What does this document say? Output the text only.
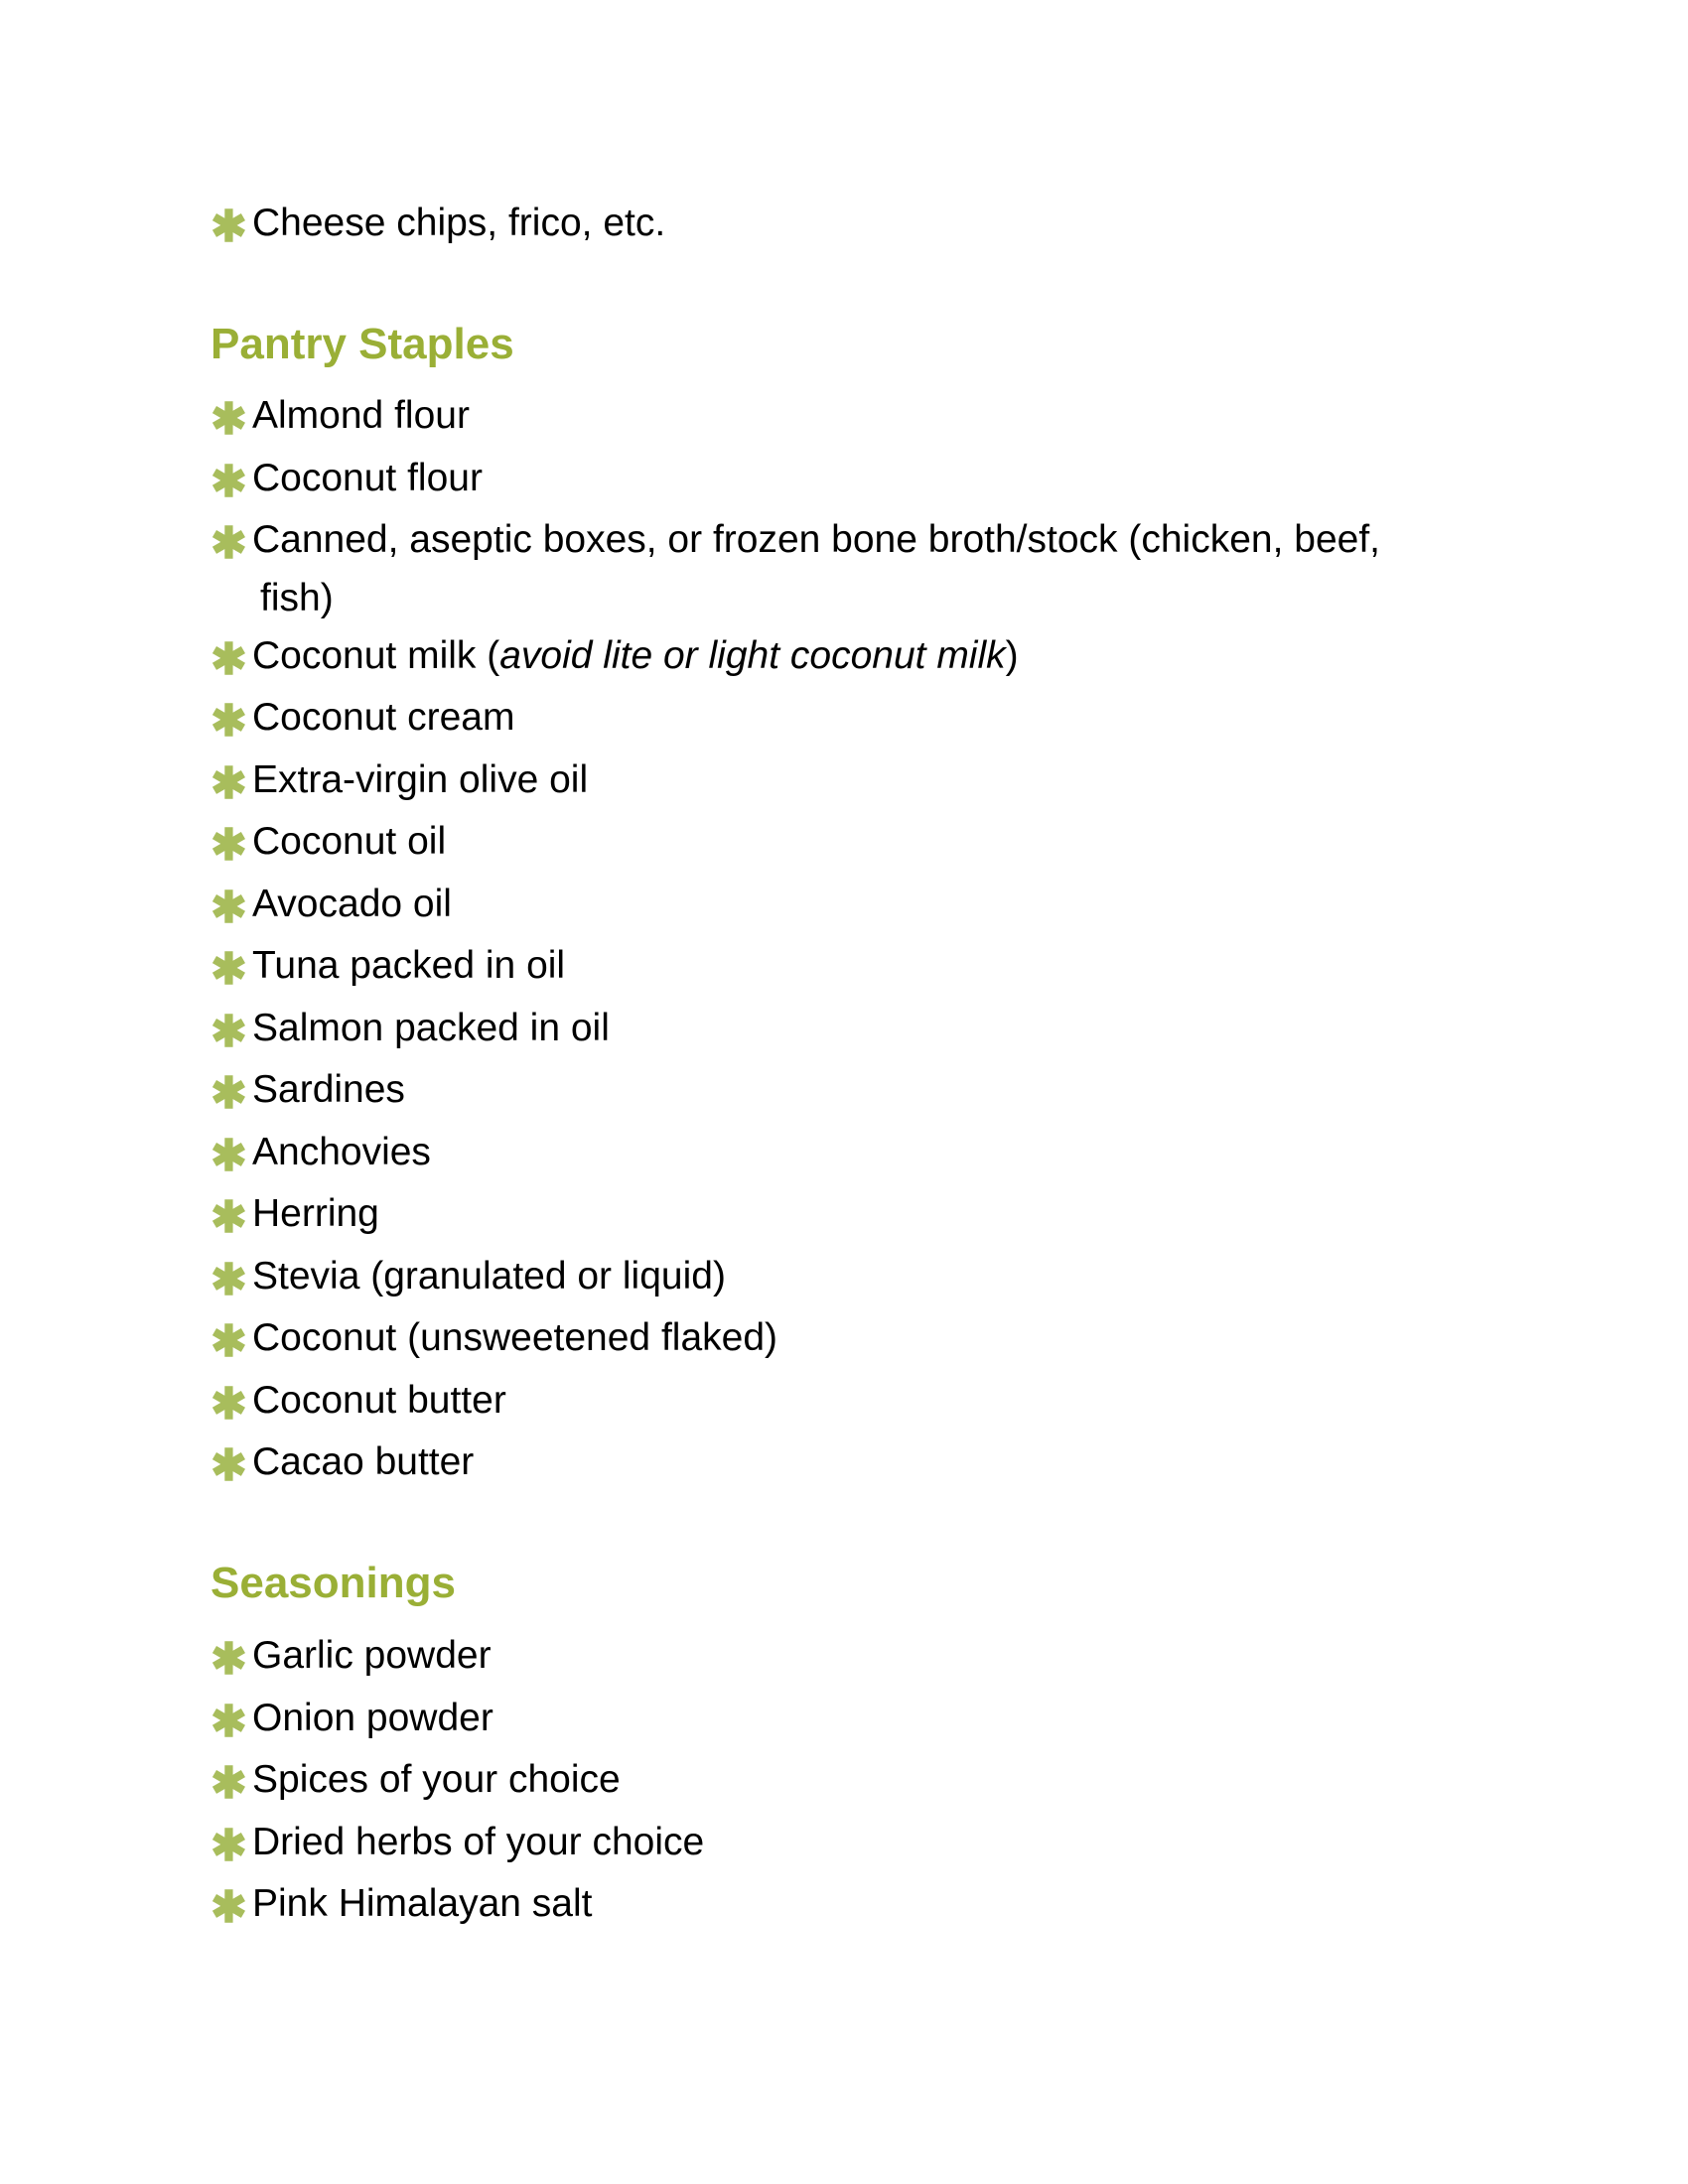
✱ Cheese chips, frico, etc.
Pantry Staples
✱ Almond flour
✱ Coconut flour
✱ Canned, aseptic boxes, or frozen bone broth/stock (chicken, beef,
fish)
✱ Coconut milk (avoid lite or light coconut milk)
✱ Coconut cream
✱ Extra-virgin olive oil
✱ Coconut oil
✱ Avocado oil
✱ Tuna packed in oil
✱ Salmon packed in oil
✱ Sardines
✱ Anchovies
✱ Herring
✱ Stevia (granulated or liquid)
✱ Coconut (unsweetened flaked)
✱ Coconut butter
✱ Cacao butter
Seasonings
✱ Garlic powder
✱ Onion powder
✱ Spices of your choice
✱ Dried herbs of your choice
✱ Pink Himalayan salt
